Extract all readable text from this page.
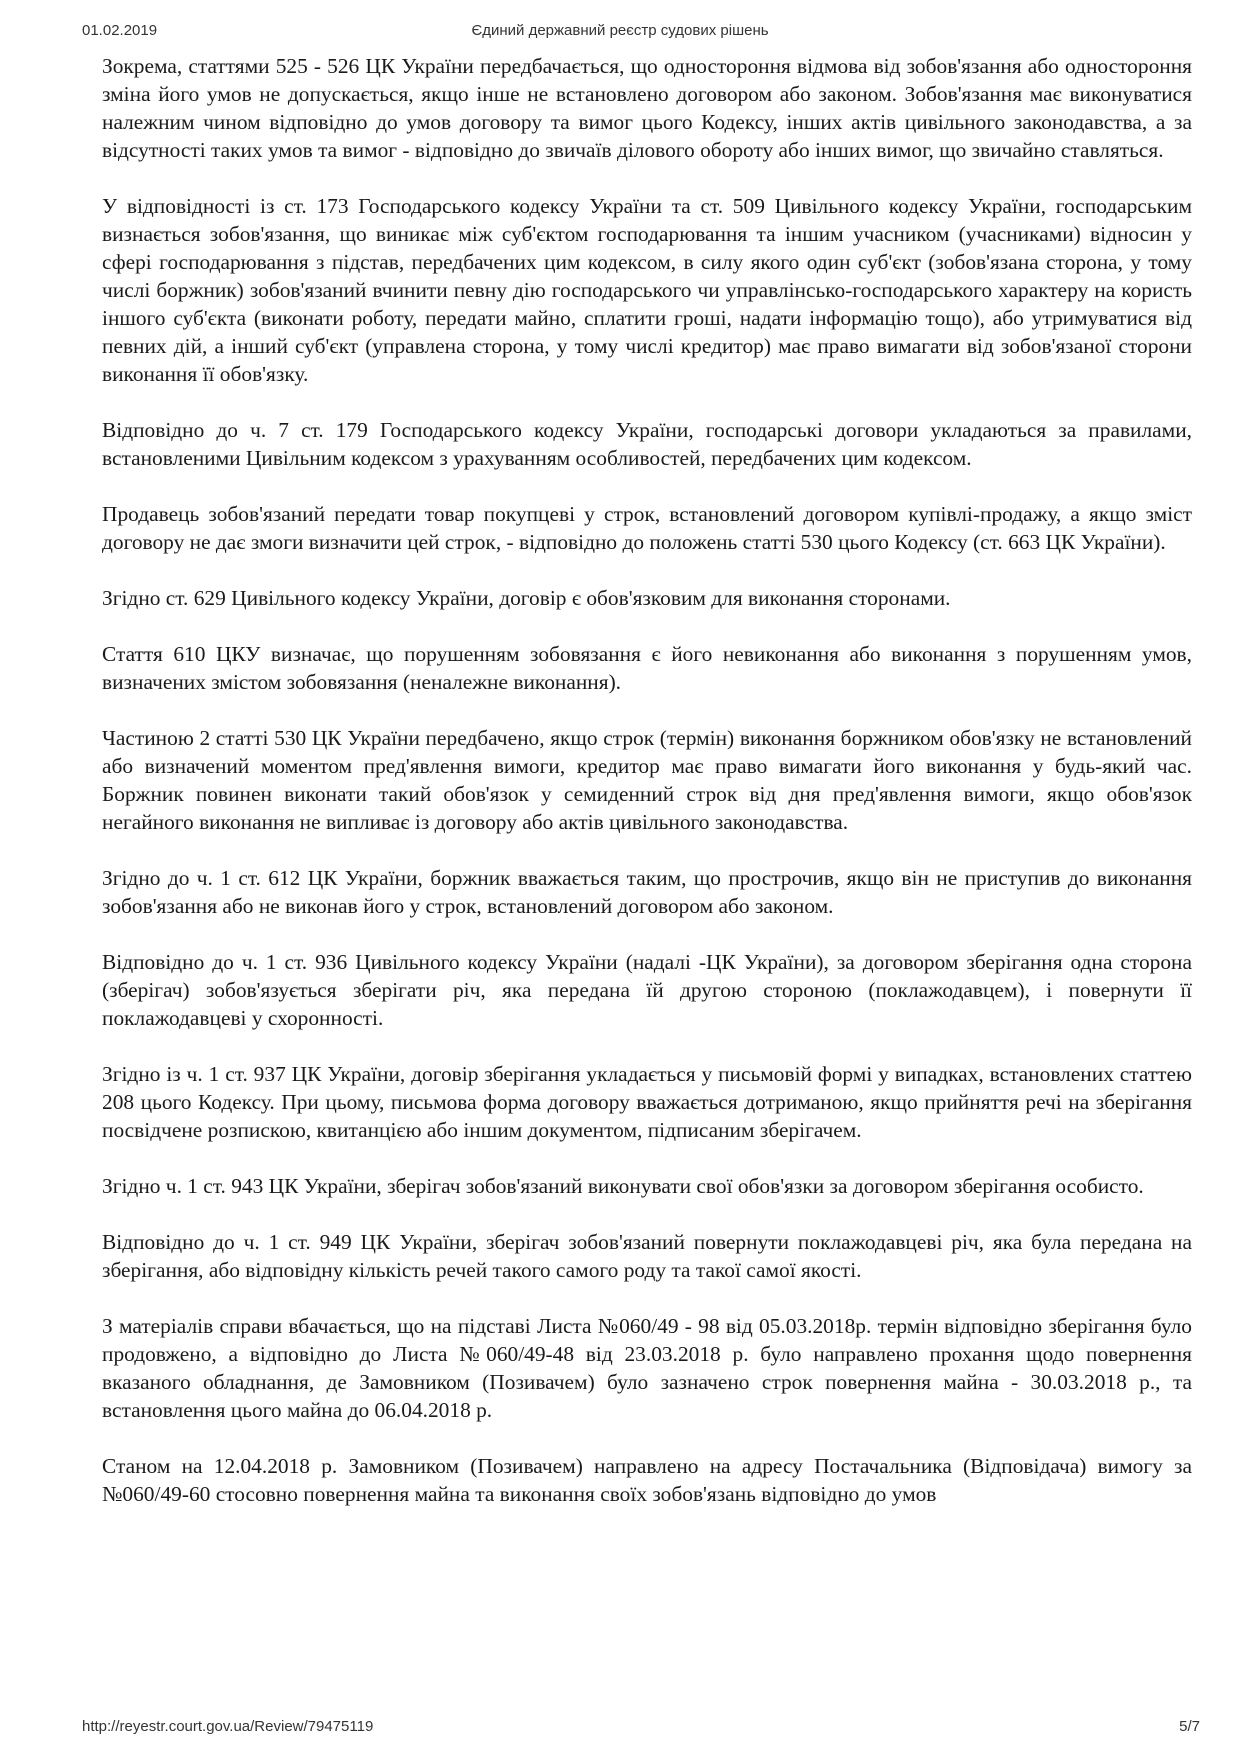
01.02.2019	Єдиний державний реєстр судових рішень

Зокрема, статтями 525 - 526 ЦК України передбачається, що одностороння відмова від зобов'язання або одностороння зміна його умов не допускається, якщо інше не встановлено договором або законом. Зобов'язання має виконуватися належним чином відповідно до умов договору та вимог цього Кодексу, інших актів цивільного законодавства, а за відсутності таких умов та вимог - відповідно до звичаїв ділового обороту або інших вимог, що звичайно ставляться.

У відповідності із ст. 173 Господарського кодексу України та ст. 509 Цивільного кодексу України, господарським визнається зобов'язання, що виникає між суб'єктом господарювання та іншим учасником (учасниками) відносин у сфері господарювання з підстав, передбачених цим кодексом, в силу якого один суб'єкт (зобов'язана сторона, у тому числі боржник) зобов'язаний вчинити певну дію господарського чи управлінсько-господарського характеру на користь іншого суб'єкта (виконати роботу, передати майно, сплатити гроші, надати інформацію тощо), або утримуватися від певних дій, а інший суб'єкт (управлена сторона, у тому числі кредитор) має право вимагати від зобов'язаної сторони виконання її обов'язку.

Відповідно до ч. 7 ст. 179 Господарського кодексу України, господарські договори укладаються за правилами, встановленими Цивільним кодексом з урахуванням особливостей, передбачених цим кодексом.

Продавець зобов'язаний передати товар покупцеві у строк, встановлений договором купівлі-продажу, а якщо зміст договору не дає змоги визначити цей строк, - відповідно до положень статті 530 цього Кодексу (ст. 663 ЦК України).

Згідно ст. 629 Цивільного кодексу України, договір є обов'язковим для виконання сторонами.

Стаття 610 ЦКУ визначає, що порушенням зобовязання є його невиконання або виконання з порушенням умов, визначених змістом зобовязання (неналежне виконання).

Частиною 2 статті 530 ЦК України передбачено, якщо строк (термін) виконання боржником обов'язку не встановлений або визначений моментом пред'явлення вимоги, кредитор має право вимагати його виконання у будь-який час. Боржник повинен виконати такий обов'язок у семиденний строк від дня пред'явлення вимоги, якщо обов'язок негайного виконання не випливає із договору або актів цивільного законодавства.

Згідно до ч. 1 ст. 612 ЦК України, боржник вважається таким, що прострочив, якщо він не приступив до виконання зобов'язання або не виконав його у строк, встановлений договором або законом.

Відповідно до ч. 1 ст. 936 Цивільного кодексу України (надалі -ЦК України), за договором зберігання одна сторона (зберігач) зобов'язується зберігати річ, яка передана їй другою стороною (поклажодавцем), і повернути її поклажодавцеві у схоронності.

Згідно із ч. 1 ст. 937 ЦК України, договір зберігання укладається у письмовій формі у випадках, встановлених статтею 208 цього Кодексу. При цьому, письмова форма договору вважається дотриманою, якщо прийняття речі на зберігання посвідчене розпискою, квитанцією або іншим документом, підписаним зберігачем.

Згідно ч. 1 ст. 943 ЦК України, зберігач зобов'язаний виконувати свої обов'язки за договором зберігання особисто.

Відповідно до ч. 1 ст. 949 ЦК України, зберігач зобов'язаний повернути поклажодавцеві річ, яка була передана на зберігання, або відповідну кількість речей такого самого роду та такої самої якості.

З матеріалів справи вбачається, що на підставі Листа №060/49 - 98 від 05.03.2018р. термін відповідно зберігання було продовжено, а відповідно до Листа №060/49-48 від 23.03.2018 р. було направлено прохання щодо повернення вказаного обладнання, де Замовником (Позивачем) було зазначено строк повернення майна - 30.03.2018 р., та встановлення цього майна до 06.04.2018 р.

Станом на 12.04.2018 р. Замовником (Позивачем) направлено на адресу Постачальника (Відповідача) вимогу за №060/49-60 стосовно повернення майна та виконання своїх зобов'язань відповідно до умов

http://reyestr.court.gov.ua/Review/79475119	5/7
